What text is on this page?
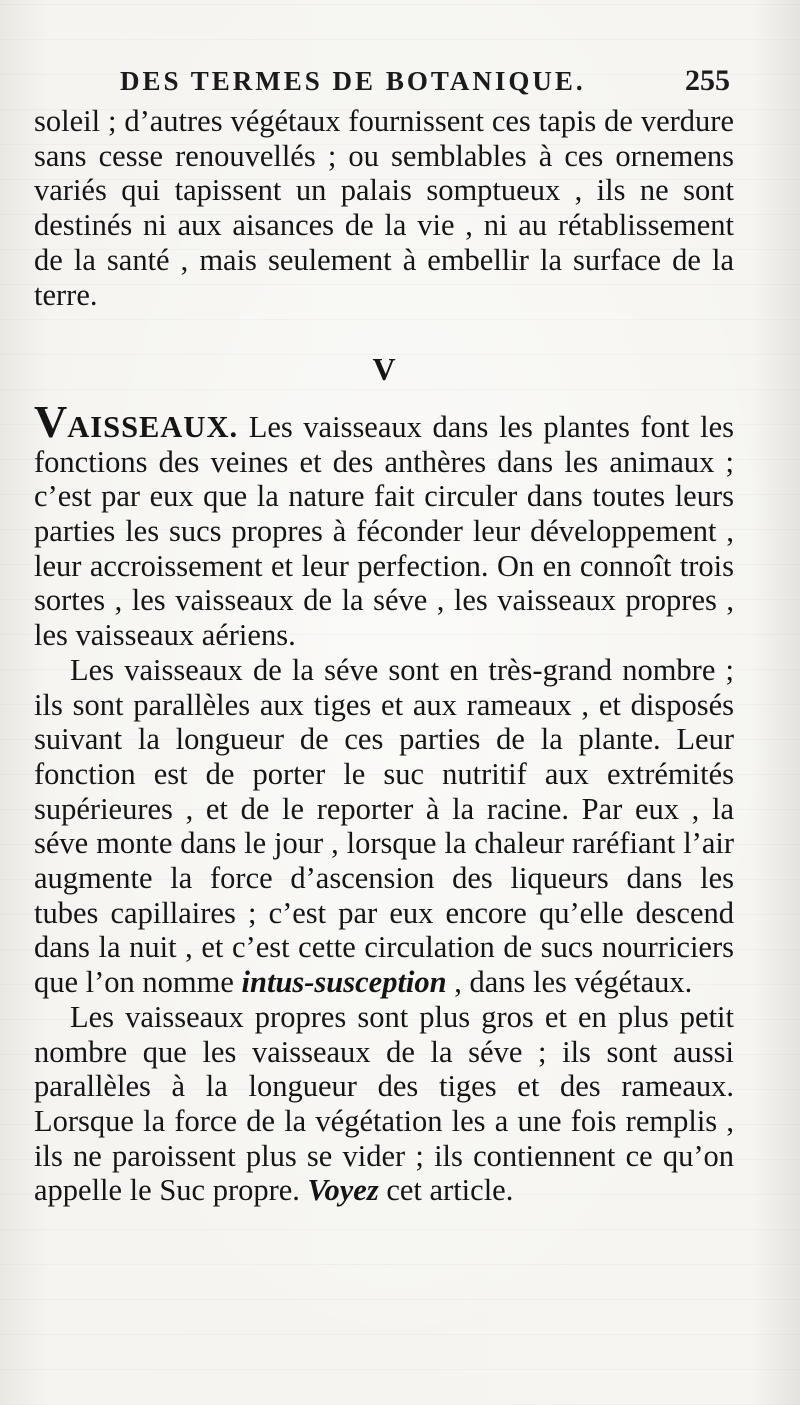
DES TERMES DE BOTANIQUE.	255

soleil ; d’autres végétaux fournissent ces tapis de verdure sans cesse renouvellés ; ou semblables à ces ornemens variés qui tapissent un palais somptueux , ils ne sont destinés ni aux aisances de la vie , ni au rétablissement de la santé , mais seulement à embellir la surface de la terre.

V

VAISSEAUX. Les vaisseaux dans les plantes font les fonctions des veines et des anthères dans les animaux ; c’est par eux que la nature fait circuler dans toutes leurs parties les sucs propres à féconder leur développement , leur accroissement et leur perfection. On en connoît trois sortes , les vaisseaux de la séve , les vaisseaux propres , les vaisseaux aériens.

Les vaisseaux de la séve sont en très-grand nombre ; ils sont parallèles aux tiges et aux rameaux , et disposés suivant la longueur de ces parties de la plante. Leur fonction est de porter le suc nutritif aux extrémités supérieures , et de le reporter à la racine. Par eux , la séve monte dans le jour , lorsque la chaleur raréfiant l’air augmente la force d’ascension des liqueurs dans les tubes capillaires ; c’est par eux encore qu’elle descend dans la nuit , et c’est cette circulation de sucs nourriciers que l’on nomme intus-susception , dans les végétaux.

Les vaisseaux propres sont plus gros et en plus petit nombre que les vaisseaux de la séve ; ils sont aussi parallèles à la longueur des tiges et des rameaux. Lorsque la force de la végétation les a une fois remplis , ils ne paroissent plus se vider ; ils contiennent ce qu’on appelle le Suc propre. Voyez cet article.
